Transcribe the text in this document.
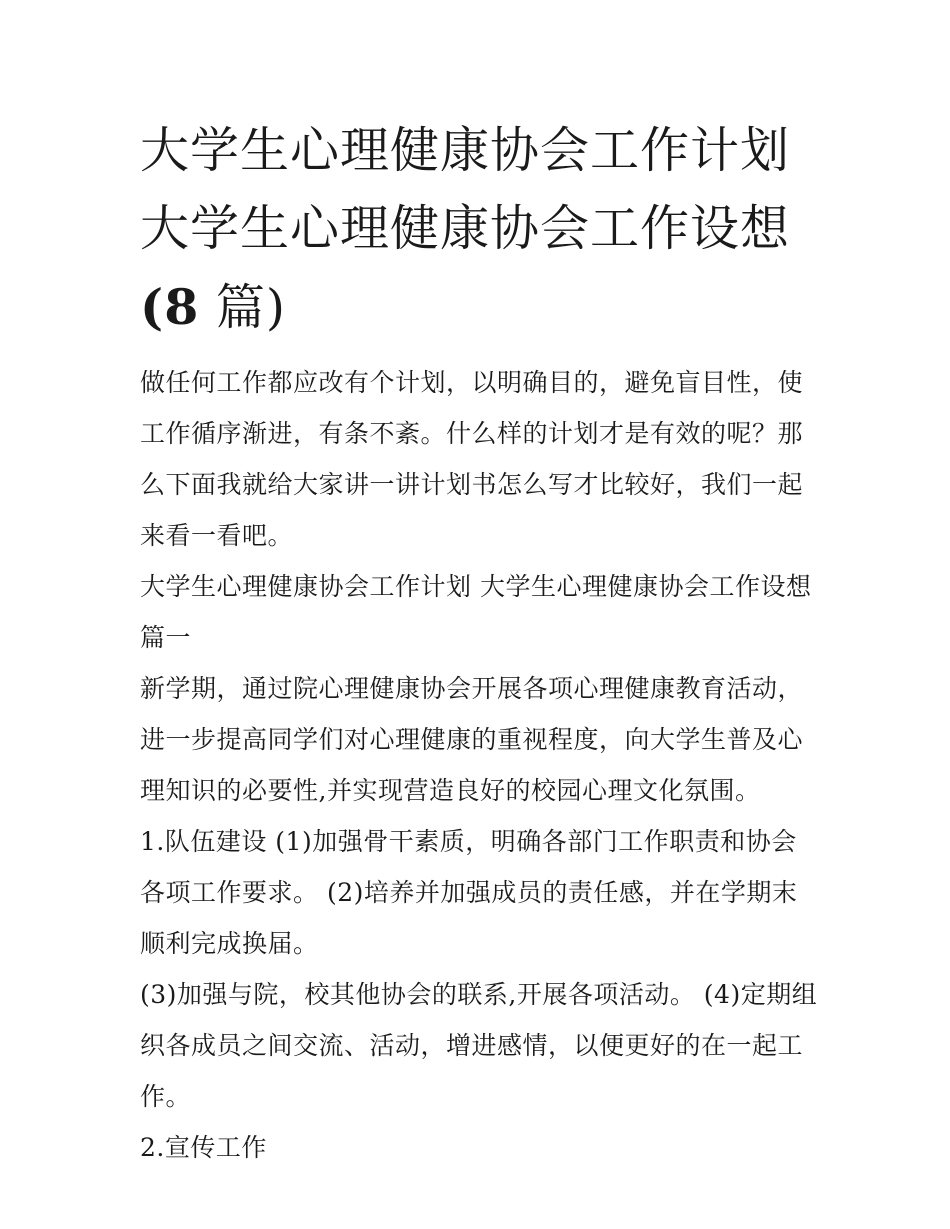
大学生心理健康协会工作计划
大学生心理健康协会工作设想
(8 篇)

做任何工作都应改有个计划，以明确目的，避免盲目性，使工作循序渐进，有条不紊。什么样的计划才是有效的呢？那么下面我就给大家讲一讲计划书怎么写才比较好，我们一起来看一看吧。

大学生心理健康协会工作计划 大学生心理健康协会工作设想篇一

新学期，通过院心理健康协会开展各项心理健康教育活动，进一步提高同学们对心理健康的重视程度，向大学生普及心理知识的必要性,并实现营造良好的校园心理文化氛围。

1.队伍建设 (1)加强骨干素质，明确各部门工作职责和协会各项工作要求。 (2)培养并加强成员的责任感，并在学期末顺利完成换届。

(3)加强与院，校其他协会的联系,开展各项活动。 (4)定期组织各成员之间交流、活动，增进感情，以便更好的在一起工作。

2.宣传工作
